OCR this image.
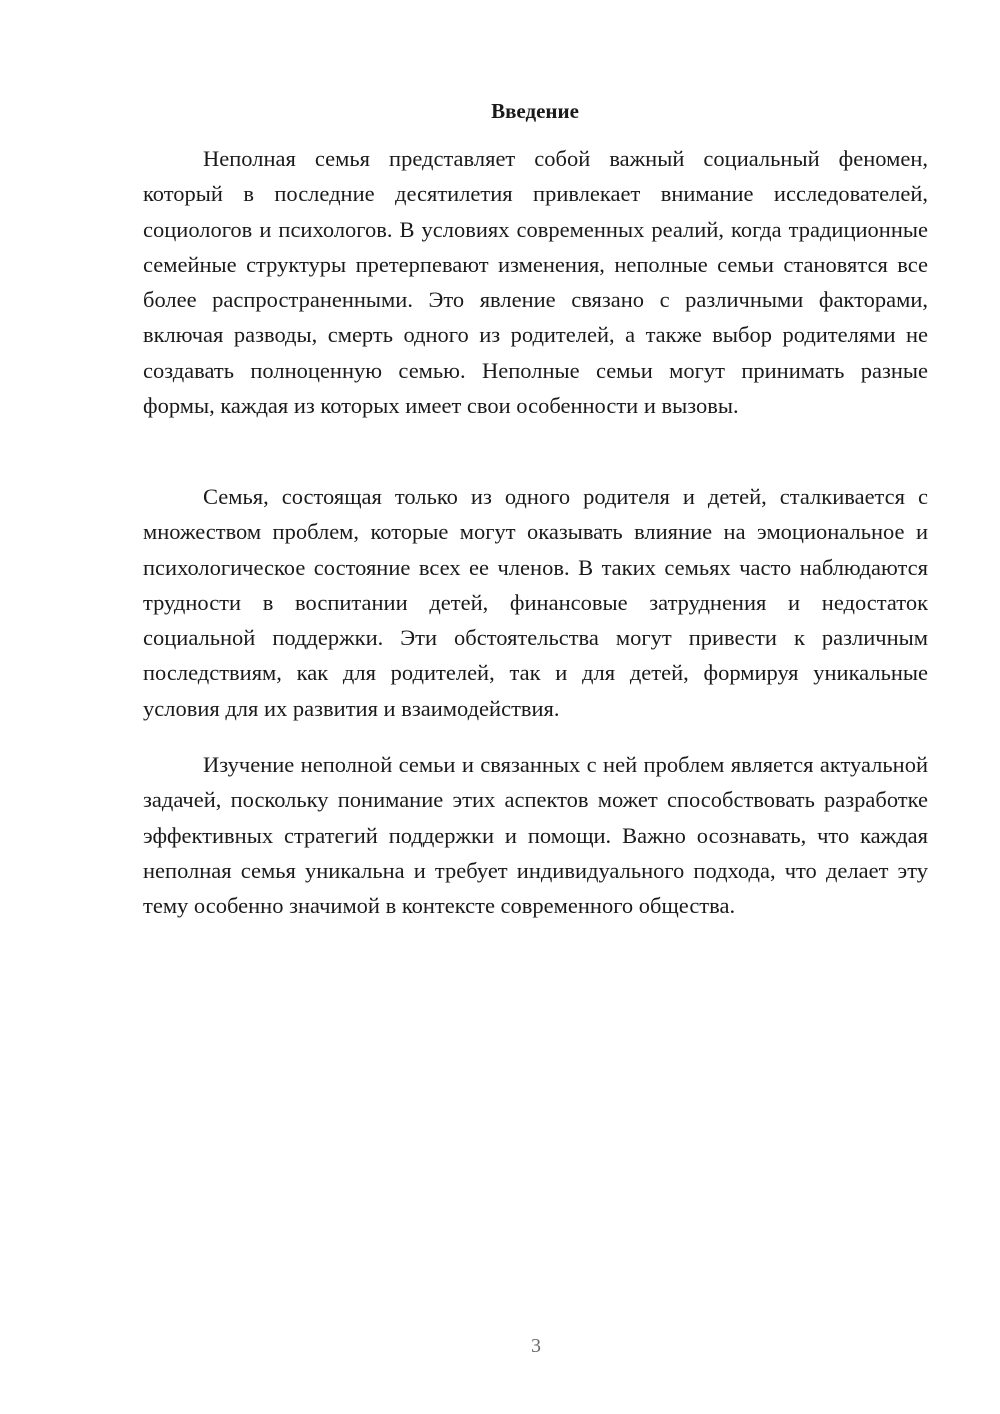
Введение

Неполная семья представляет собой важный социальный феномен, который в последние десятилетия привлекает внимание исследователей, социологов и психологов. В условиях современных реалий, когда традиционные семейные структуры претерпевают изменения, неполные семьи становятся все более распространенными. Это явление связано с различными факторами, включая разводы, смерть одного из родителей, а также выбор родителями не создавать полноценную семью. Неполные семьи могут принимать разные формы, каждая из которых имеет свои особенности и вызовы.

Семья, состоящая только из одного родителя и детей, сталкивается с множеством проблем, которые могут оказывать влияние на эмоциональное и психологическое состояние всех ее членов. В таких семьях часто наблюдаются трудности в воспитании детей, финансовые затруднения и недостаток социальной поддержки. Эти обстоятельства могут привести к различным последствиям, как для родителей, так и для детей, формируя уникальные условия для их развития и взаимодействия.

Изучение неполной семьи и связанных с ней проблем является актуальной задачей, поскольку понимание этих аспектов может способствовать разработке эффективных стратегий поддержки и помощи. Важно осознавать, что каждая неполная семья уникальна и требует индивидуального подхода, что делает эту тему особенно значимой в контексте современного общества.

3
